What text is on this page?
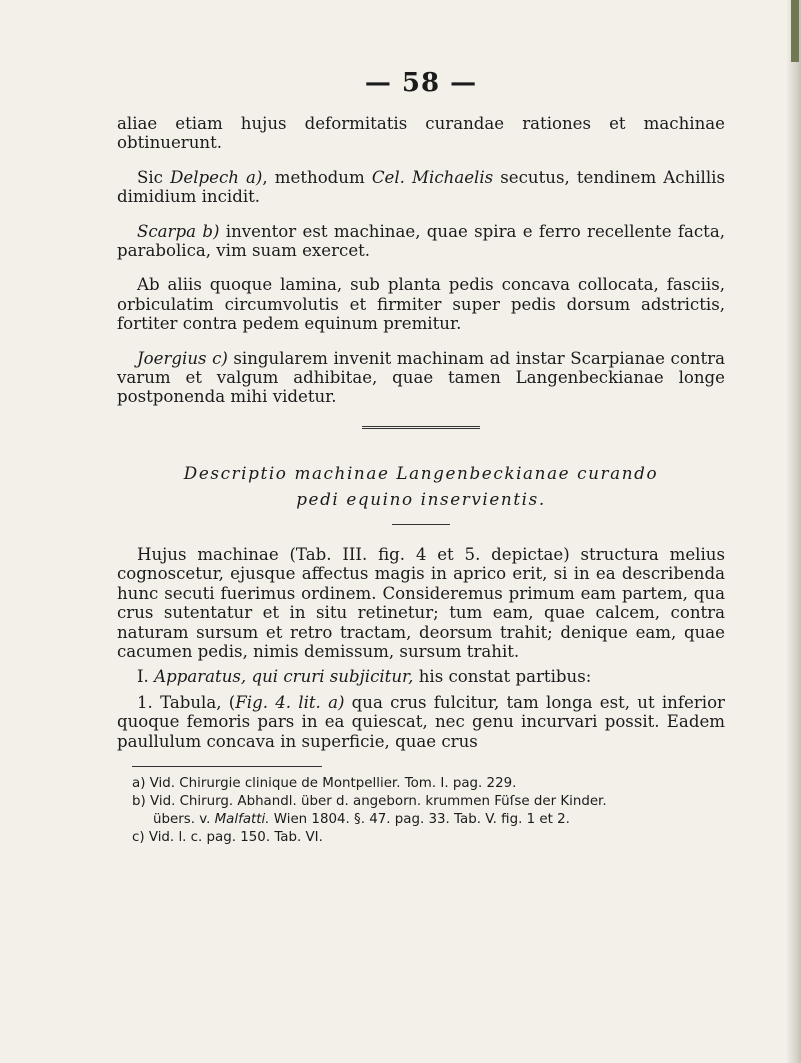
— 58 —

aliae etiam hujus deformitatis curandae rationes et machinae obtinuerunt.

Sic Delpech a), methodum Cel. Michaelis secutus, tendinem Achillis dimidium incidit.

Scarpa b) inventor est machinae, quae spira e ferro recellente facta, parabolica, vim suam exercet.

Ab aliis quoque lamina, sub planta pedis concava collocata, fasciis, orbiculatim circumvolutis et firmiter super pedis dorsum adstrictis, fortiter contra pedem equinum premitur.

Joergius c) singularem invenit machinam ad instar Scarpianae contra varum et valgum adhibitae, quae tamen Langenbeckianae longe postponenda mihi videtur.

Descriptio machinae Langenbeckianae curando
pedi equino inservientis.

Hujus machinae (Tab. III. fig. 4 et 5. depictae) structura melius cognoscetur, ejusque affectus magis in aprico erit, si in ea describenda hunc secuti fuerimus ordinem. Consideremus primum eam partem, qua crus sutentatur et in situ retinetur; tum eam, quae calcem, contra naturam sursum et retro tractam, deorsum trahit; denique eam, quae cacumen pedis, nimis demissum, sursum trahit.

I. Apparatus, qui cruri subjicitur, his constat partibus:

1. Tabula, (Fig. 4. lit. a) qua crus fulcitur, tam longa est, ut inferior quoque femoris pars in ea quiescat, nec genu incurvari possit. Eadem paullulum concava in superficie, quae crus

a) Vid. Chirurgie clinique de Montpellier. Tom. I. pag. 229.

b) Vid. Chirurg. Abhandl. über d. angeborn. krummen Füſse der Kinder.

übers. v. Malfatti. Wien 1804. §. 47. pag. 33. Tab. V. fig. 1 et 2.

c) Vid. l. c. pag. 150. Tab. VI.
